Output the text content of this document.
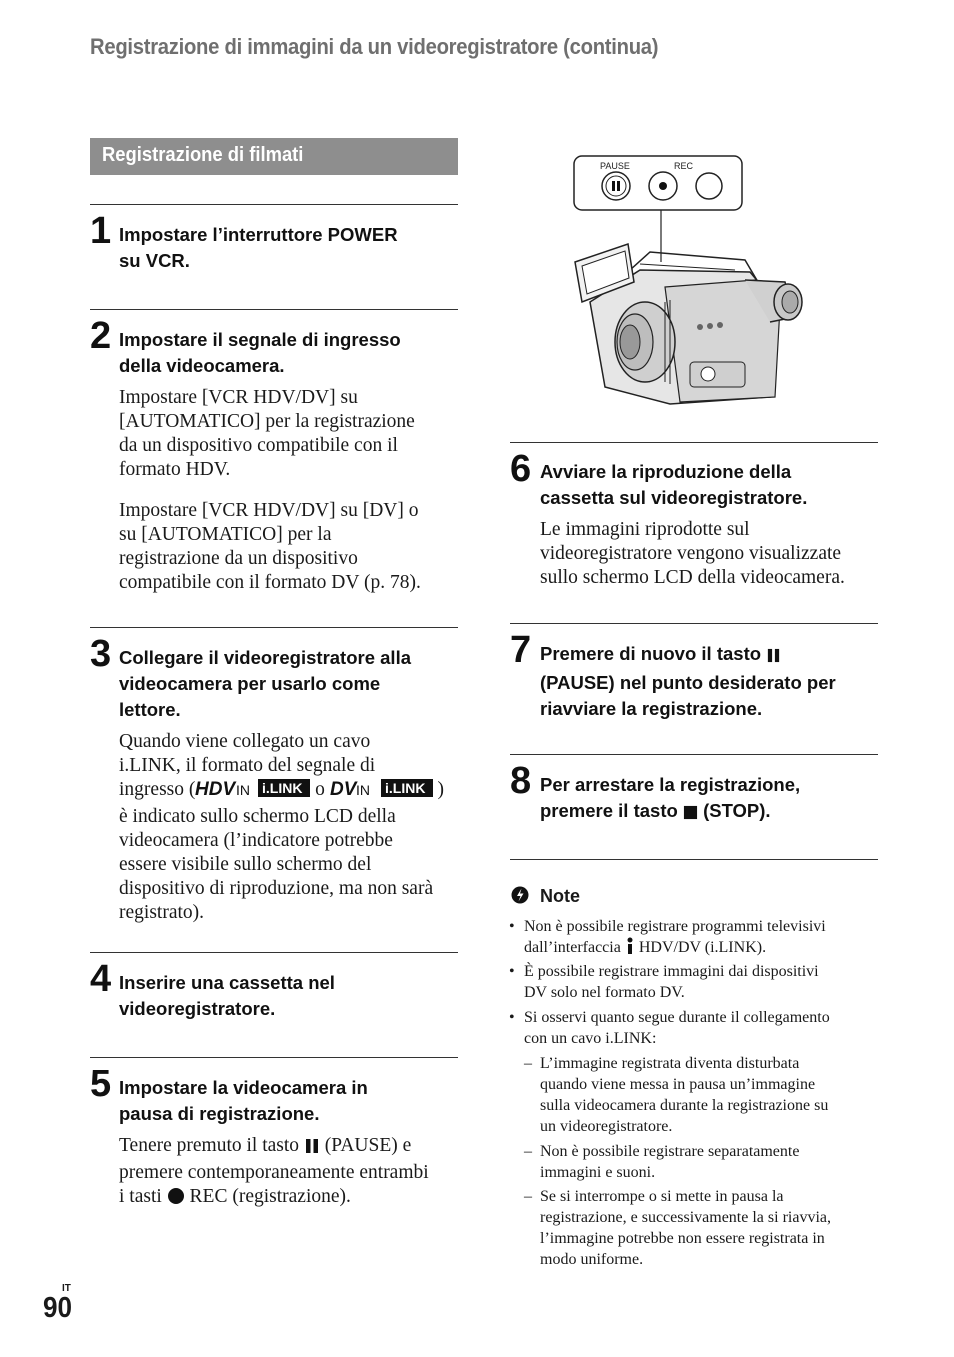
Registrazione di immagini da un videoregistratore (continua)
Registrazione di filmati
1 Impostare l’interruttore POWER
su VCR.
2 Impostare il segnale di ingresso
della videocamera.
Impostare [VCR HDV/DV] su
[AUTOMATICO] per la registrazione
da un dispositivo compatibile con il
formato HDV.
Impostare [VCR HDV/DV] su [DV] o
su [AUTOMATICO] per la
registrazione da un dispositivo
compatibile con il formato DV (p. 78).
3 Collegare il videoregistratore alla
videocamera per usarlo come
lettore.
Quando viene collegato un cavo
i.LINK, il formato del segnale di
ingresso ( HDV IN
i.LINK o DV IN
i.LINK )
è indicato sullo schermo LCD della
videocamera (l’indicatore potrebbe
essere visibile sullo schermo del
dispositivo di riproduzione, ma non sarà
registrato).
4 Inserire una cassetta nel
videoregistratore.
5 Impostare la videocamera in
pausa di registrazione.
Tenere premuto il tasto (PAUSE) e
premere contemporaneamente entrambi
i tasti REC (registrazione).
PAUSE	REC
6 Avviare la riproduzione della
cassetta sul videoregistratore.
Le immagini riprodotte sul
videoregistratore vengono visualizzate
sullo schermo LCD della videocamera.
7 Premere di nuovo il tasto
(PAUSE) nel punto desiderato per
riavviare la registrazione.
8 Per arrestare la registrazione,
premere il tasto (STOP).
Note
• Non è possibile registrare programmi televisivi
dall’interfaccia HDV/DV (i.LINK).
• È possibile registrare immagini dai dispositivi
DV solo nel formato DV.
• Si osservi quanto segue durante il collegamento
con un cavo i.LINK:
– L’immagine registrata diventa disturbata
quando viene messa in pausa un’immagine
sulla videocamera durante la registrazione su
un videoregistratore.
– Non è possibile registrare separatamente
immagini e suoni.
– Se si interrompe o si mette in pausa la
registrazione, e successivamente la si riavvia,
l’immagine potrebbe non essere registrata in
modo uniforme.
IT
90
